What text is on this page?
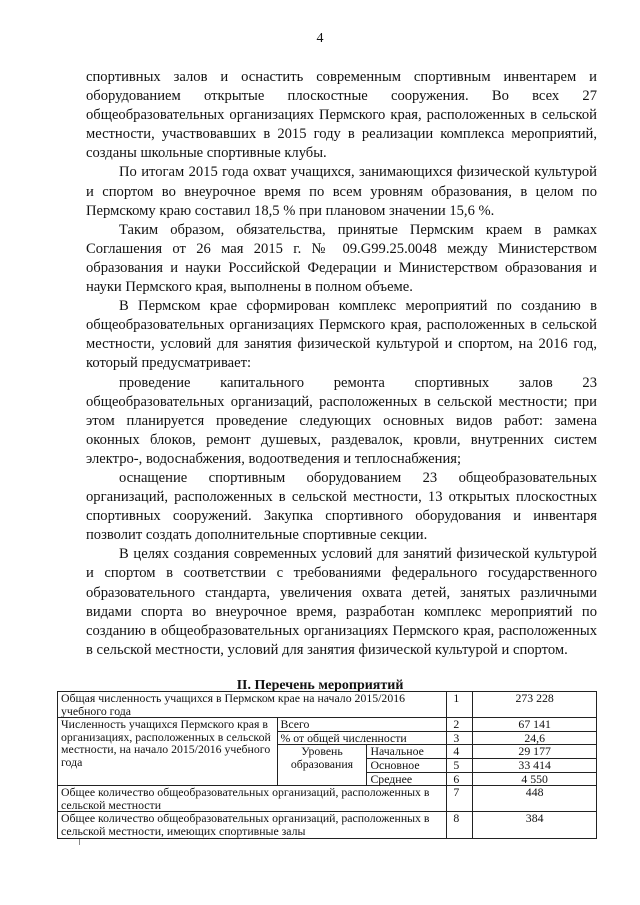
4

спортивных залов и оснастить современным спортивным инвентарем и оборудованием открытые плоскостные сооружения. Во всех 27 общеобразовательных организациях Пермского края, расположенных в сельской местности, участвовавших в 2015 году в реализации комплекса мероприятий, созданы школьные спортивные клубы.

По итогам 2015 года охват учащихся, занимающихся физической культурой и спортом во внеурочное время по всем уровням образования, в целом по Пермскому краю составил 18,5 % при плановом значении 15,6 %.

Таким образом, обязательства, принятые Пермским краем в рамках Соглашения от 26 мая 2015 г. № 09.G99.25.0048 между Министерством образования и науки Российской Федерации и Министерством образования и науки Пермского края, выполнены в полном объеме.

В Пермском крае сформирован комплекс мероприятий по созданию в общеобразовательных организациях Пермского края, расположенных в сельской местности, условий для занятия физической культурой и спортом, на 2016 год, который предусматривает:

проведение капитального ремонта спортивных залов 23 общеобразовательных организаций, расположенных в сельской местности; при этом планируется проведение следующих основных видов работ: замена оконных блоков, ремонт душевых, раздевалок, кровли, внутренних систем электро-, водоснабжения, водоотведения и теплоснабжения;

оснащение спортивным оборудованием 23 общеобразовательных организаций, расположенных в сельской местности, 13 открытых плоскостных спортивных сооружений. Закупка спортивного оборудования и инвентаря позволит создать дополнительные спортивные секции.

В целях создания современных условий для занятий физической культурой и спортом в соответствии с требованиями федерального государственного образовательного стандарта, увеличения охвата детей, занятых различными видами спорта во внеурочное время, разработан комплекс мероприятий по созданию в общеобразовательных организациях Пермского края, расположенных в сельской местности, условий для занятия физической культурой и спортом.

II. Перечень мероприятий
Общая численность учащихся в Пермском крае на начало 2015/2016 учебного года			1	273 228
Численность учащихся Пермского края в организациях, расположенных в сельской местности, на начало 2015/2016 учебного года	Всего		2	67 141
	% от общей численности		3	24,6
	Уровень образования	Начальное	4	29 177
		Основное	5	33 414
		Среднее	6	4 550
Общее количество общеобразовательных организаций, расположенных в сельской местности			7	448
Общее количество общеобразовательных организаций, расположенных в сельской местности, имеющих спортивные залы			8	384
